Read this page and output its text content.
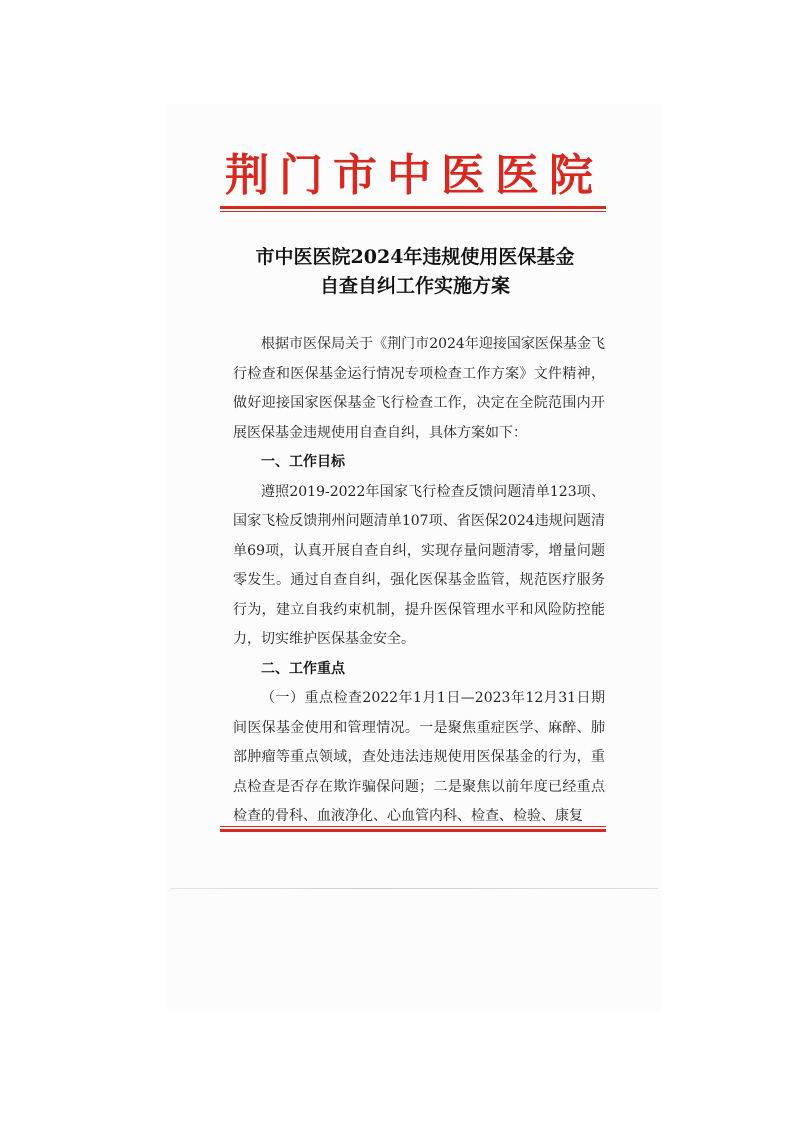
荆门市中医医院
市中医医院2024年违规使用医保基金
自查自纠工作实施方案

根据市医保局关于《荆门市2024年迎接国家医保基金飞行检查和医保基金运行情况专项检查工作方案》文件精神，做好迎接国家医保基金飞行检查工作，决定在全院范围内开展医保基金违规使用自查自纠，具体方案如下：

一、工作目标

遵照2019-2022年国家飞行检查反馈问题清单123项、国家飞检反馈荆州问题清单107项、省医保2024违规问题清单69项，认真开展自查自纠，实现存量问题清零，增量问题零发生。通过自查自纠，强化医保基金监管，规范医疗服务行为，建立自我约束机制，提升医保管理水平和风险防控能力，切实维护医保基金安全。

二、工作重点

（一）重点检查2022年1月1日—2023年12月31日期间医保基金使用和管理情况。一是聚焦重症医学、麻醉、肺部肿瘤等重点领域，查处违法违规使用医保基金的行为，重点检查是否存在欺诈骗保问题；二是聚焦以前年度已经重点检查的骨科、血液净化、心血管内科、检查、检验、康复
